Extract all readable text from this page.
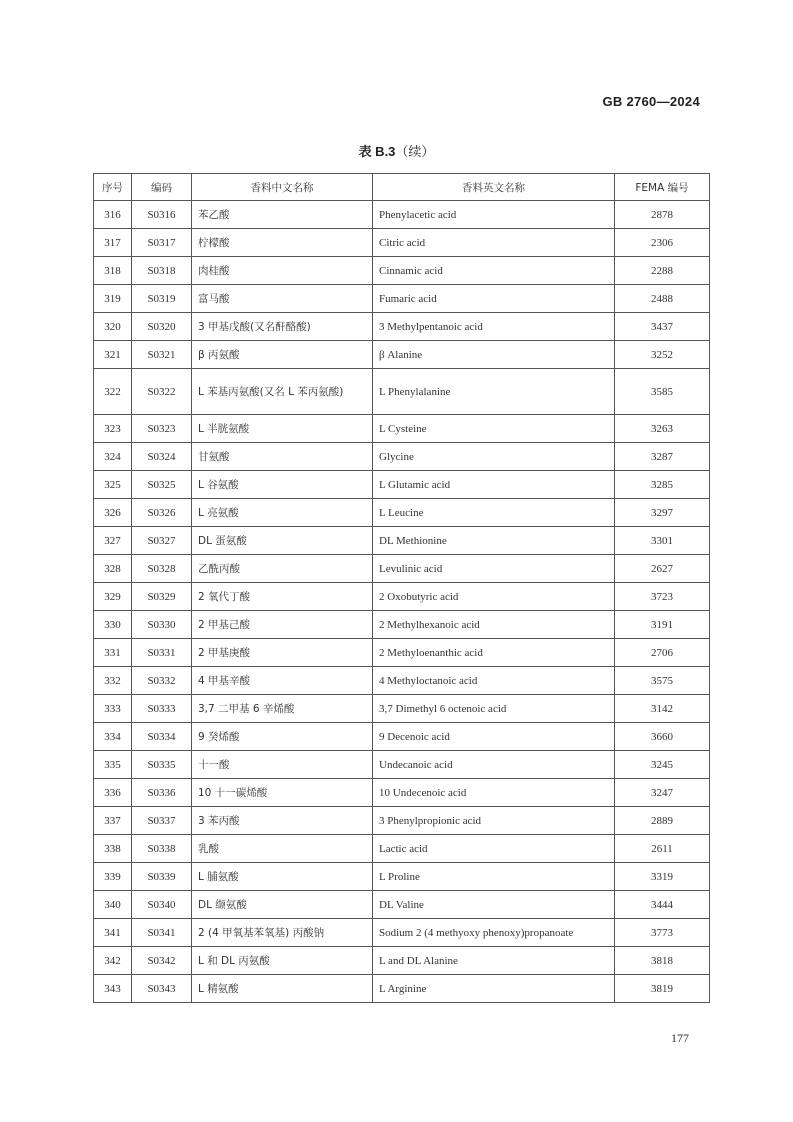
GB 2760—2024
表 B.3（续）
序号	编码	香料中文名称	香料英文名称	FEMA 编号
316	S0316	苯乙酸	Phenylacetic acid	2878
317	S0317	柠檬酸	Citric acid	2306
318	S0318	肉桂酸	Cinnamic acid	2288
319	S0319	富马酸	Fumaric acid	2488
320	S0320	3 甲基戊酸(又名酐酪酸)	3 Methylpentanoic acid	3437
321	S0321	β 丙氨酸	β Alanine	3252
322	S0322	L 苯基丙氨酸(又名 L 苯丙氨酸)	L Phenylalanine	3585
323	S0323	L 半胱氨酸	L Cysteine	3263
324	S0324	甘氨酸	Glycine	3287
325	S0325	L 谷氨酸	L Glutamic acid	3285
326	S0326	L 亮氨酸	L Leucine	3297
327	S0327	DL 蛋氨酸	DL Methionine	3301
328	S0328	乙酰丙酸	Levulinic acid	2627
329	S0329	2 氧代丁酸	2 Oxobutyric acid	3723
330	S0330	2 甲基己酸	2 Methylhexanoic acid	3191
331	S0331	2 甲基庚酸	2 Methyloenanthic acid	2706
332	S0332	4 甲基辛酸	4 Methyloctanoic acid	3575
333	S0333	3,7 二甲基 6 辛烯酸	3,7 Dimethyl 6 octenoic acid	3142
334	S0334	9 癸烯酸	9 Decenoic acid	3660
335	S0335	十一酸	Undecanoic acid	3245
336	S0336	10 十一碳烯酸	10 Undecenoic acid	3247
337	S0337	3 苯丙酸	3 Phenylpropionic acid	2889
338	S0338	乳酸	Lactic acid	2611
339	S0339	L 脯氨酸	L Proline	3319
340	S0340	DL 缬氨酸	DL Valine	3444
341	S0341	2 (4 甲氧基苯氧基) 丙酸钠	Sodium 2 (4 methyoxy phenoxy)propanoate	3773
342	S0342	L 和 DL 丙氨酸	L and DL Alanine	3818
343	S0343	L 精氨酸	L Arginine	3819
177
